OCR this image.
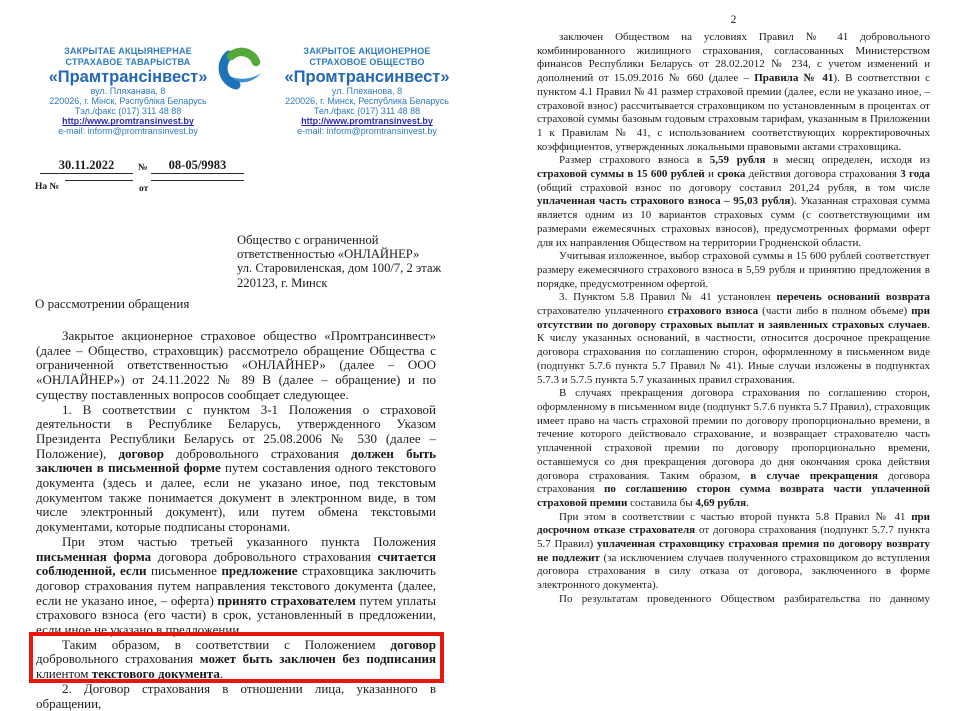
ЗАКРЫТАЕ АКЦЫЯНЕРНАЕ
СТРАХАВОЕ ТАВАРЫСТВА
«Прамтрансінвест»
вул. Пляханава, 8
220026, г. Мінск, Рэспубліка Беларусь
Тэл./факс (017) 311 48 88
http://www.promtransinvest.by
e-mail: inform@promtransinvest.by
ЗАКРЫТОЕ АКЦИОНЕРНОЕ
СТРАХОВОЕ ОБЩЕСТВО
«Промтрансинвест»
ул. Плеханова, 8
220026, г. Минск, Республика Беларусь
Тел./факс (017) 311 48 88
http://www.promtransinvest.by
e-mail: inform@promtransinvest.by
30.11.2022	№	08-05/9983
На №	от
Общество с ограниченной
ответственностью «ОНЛАЙНЕР»
ул. Старовиленская, дом 100/7, 2 этаж
220123, г. Минск
О рассмотрении обращения

Закрытое акционерное страховое общество «Промтрансинвест» (далее – Общество, страховщик) рассмотрело обращение Общества с ограниченной ответственностью «ОНЛАЙНЕР» (далее – ООО «ОНЛАЙНЕР») от 24.11.2022 № 89 В (далее – обращение) и по существу поставленных вопросов сообщает следующее.

1. В соответствии с пунктом 3-1 Положения о страховой деятельности в Республике Беларусь, утвержденного Указом Президента Республики Беларусь от 25.08.2006 № 530 (далее – Положение), договор добровольного страхования должен быть заключен в письменной форме путем составления одного текстового документа (здесь и далее, если не указано иное, под текстовым документом также понимается документ в электронном виде, в том числе электронный документ), или путем обмена текстовыми документами, которые подписаны сторонами.

При этом частью третьей указанного пункта Положения письменная форма договора добровольного страхования считается соблюденной, если письменное предложение страховщика заключить договор страхования путем направления текстового документа (далее, если не указано иное, – оферта) принято страхователем путем уплаты страхового взноса (его части) в срок, установленный в предложении, если иное не указано в предложении.

Таким образом, в соответствии с Положением договор добровольного страхования может быть заключен без подписания клиентом текстового документа.

2. Договор страхования в отношении лица, указанного в обращении,

2

заключен Обществом на условиях Правил № 41 добровольного комбинированного жилищного страхования, согласованных Министерством финансов Республики Беларусь от 28.02.2012 № 234, с учетом изменений и дополнений от 15.09.2016 № 660 (далее – Правила № 41). В соответствии с пунктом 4.1 Правил № 41 размер страховой премии (далее, если не указано иное, – страховой взнос) рассчитывается страховщиком по установленным в процентах от страховой суммы базовым годовым страховым тарифам, указанным в Приложении 1 к Правилам № 41, с использованием соответствующих корректировочных коэффициентов, утвержденных локальными правовыми актами страховщика.

Размер страхового взноса в 5,59 рубля в месяц определен, исходя из страховой суммы в 15 600 рублей и срока действия договора страхования 3 года (общий страховой взнос по договору составил 201,24 рубля, в том числе уплаченная часть страхового взноса – 95,03 рубля). Указанная страховая сумма является одним из 10 вариантов страховых сумм (с соответствующими им размерами ежемесячных страховых взносов), предусмотренных формами оферт для их направления Обществом на территории Гродненской области.

Учитывая изложенное, выбор страховой суммы в 15 600 рублей соответствует размеру ежемесячного страхового взноса в 5,59 рубля и принятию предложения в порядке, предусмотренном офертой.

3. Пунктом 5.8 Правил № 41 установлен перечень оснований возврата страхователю уплаченного страхового взноса (части либо в полном объеме) при отсутствии по договору страховых выплат и заявленных страховых случаев. К числу указанных оснований, в частности, относится досрочное прекращение договора страхования по соглашению сторон, оформленному в письменном виде (подпункт 5.7.6 пункта 5.7 Правил № 41). Иные случаи изложены в подпунктах 5.7.3 и 5.7.5 пункта 5.7 указанных правил страхования.

В случаях прекращения договора страхования по соглашению сторон, оформленному в письменном виде (подпункт 5.7.6 пункта 5.7 Правил), страховщик имеет право на часть страховой премии по договору пропорционально времени, в течение которого действовало страхование, и возвращает страхователю часть уплаченной страховой премии по договору пропорционально времени, оставшемуся со дня прекращения договора до дня окончания срока действия договора страхования. Таким образом, в случае прекращения договора страхования по соглашению сторон сумма возврата части уплаченной страховой премии составила бы 4,69 рубля.

При этом в соответствии с частью второй пункта 5.8 Правил № 41 при досрочном отказе страхователя от договора страхования (подпункт 5.7.7 пункта 5.7 Правил) уплаченная страховщику страховая премия по договору возврату не подлежит (за исключением случаев полученного страховщиком до вступления договора страхования в силу отказа от договора, заключенного в форме электронного документа).

По результатам проведенного Обществом разбирательства по данному
